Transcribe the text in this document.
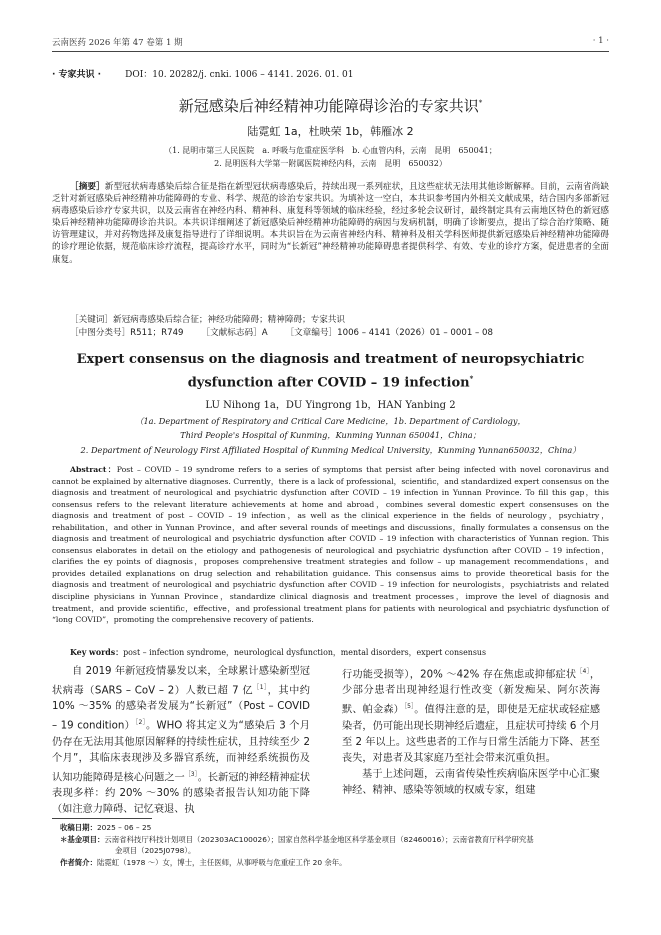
云南医药 2026 年第 47 卷第 1 期	· 1 ·
· 专家共识 ·	DOI：10. 20282/j. cnki. 1006 – 4141. 2026. 01. 01
新冠感染后神经精神功能障碍诊治的专家共识*
陆霓虹 1a，杜映荣 1b，韩雁冰 2
（1. 昆明市第三人民医院　a. 呼吸与危重症医学科　b. 心血管内科，云南　昆明　650041；
2. 昆明医科大学第一附属医院神经内科，云南　昆明　650032）
［摘要］新型冠状病毒感染后综合征是指在新型冠状病毒感染后，持续出现一系列症状，且这些症状无法用其他诊断解释。目前，云南省尚缺乏针对新冠感染后神经精神功能障碍的专业、科学、规范的诊治专家共识。为填补这一空白，本共识参考国内外相关文献成果，结合国内多部新冠病毒感染后诊疗专家共识，以及云南省在神经内科、精神科、康复科等领域的临床经验，经过多轮会议研讨，最终制定具有云南地区特色的新冠感染后神经精神功能障碍诊治共识。本共识详细阐述了新冠感染后神经精神功能障碍的病因与发病机制，明确了诊断要点，提出了综合治疗策略、随访管理建议，并对药物选择及康复指导进行了详细说明。本共识旨在为云南省神经内科、精神科及相关学科医师提供新冠感染后神经精神功能障碍的诊疗理论依据，规范临床诊疗流程，提高诊疗水平，同时为“长新冠”神经精神功能障碍患者提供科学、有效、专业的诊疗方案，促进患者的全面康复。
［关键词］新冠病毒感染后综合征；神经功能障碍；精神障碍；专家共识
［中图分类号］R511；R749 ［文献标志码］A ［文章编号］1006 – 4141（2026）01 – 0001 – 08
Expert consensus on the diagnosis and treatment of neuropsychiatric
dysfunction after COVID – 19 infection*
LU Nihong 1a，DU Yingrong 1b，HAN Yanbing 2
（1a. Department of Respiratory and Critical Care Medicine，1b. Department of Cardiology，
Third People's Hospital of Kunming，Kunming Yunnan 650041，China；
2. Department of Neurology First Affiliated Hospital of Kunming Medical University，Kunming Yunnan650032，China）
Abstract：Post – COVID – 19 syndrome refers to a series of symptoms that persist after being infected with novel coronavirus and cannot be explained by alternative diagnoses. Currently，there is a lack of professional，scientific，and standardized expert consensus on the diagnosis and treatment of neurological and psychiatric dysfunction after COVID – 19 infection in Yunnan Province. To fill this gap，this consensus refers to the relevant literature achievements at home and abroad，combines several domestic expert consensuses on the diagnosis and treatment of post – COVID – 19 infection，as well as the clinical experience in the fields of neurology，psychiatry，rehabilitation，and other in Yunnan Province，and after several rounds of meetings and discussions，finally formulates a consensus on the diagnosis and treatment of neurological and psychiatric dysfunction after COVID – 19 infection with characteristics of Yunnan region. This consensus elaborates in detail on the etiology and pathogenesis of neurological and psychiatric dysfunction after COVID – 19 infection，clarifies the ey points of diagnosis，proposes comprehensive treatment strategies and follow – up management recommendations，and provides detailed explanations on drug selection and rehabilitation guidance. This consensus aims to provide theoretical basis for the diagnosis and treatment of neurological and psychiatric dysfunction after COVID – 19 infection for neurologists，psychiatrists and related discipline physicians in Yunnan Province，standardize clinical diagnosis and treatment processes，improve the level of diagnosis and treatment，and provide scientific，effective，and professional treatment plans for patients with neurological and psychiatric dysfunction of “long COVID”，promoting the comprehensive recovery of patients.
Key words：post – infection syndrome，neurological dysfunction，mental disorders，expert consensus

自 2019 年新冠疫情暴发以来，全球累计感染新型冠状病毒（SARS – CoV – 2）人数已超 7 亿$^{[1]}$，其中约 10% ～35% 的感染者发展为“长新冠”（Post – COVID – 19 condition）$^{[2]}$。WHO 将其定义为“感染后 3 个月仍存在无法用其他原因解释的持续性症状，且持续至少 2 个月”，其临床表现涉及多器官系统，而神经系统损伤及认知功能障碍是核心问题之一$^{[3]}$。长新冠的神经精神症状表现多样：约 20% ～30% 的感染者报告认知功能下降（如注意力障碍、记忆衰退、执

行功能受损等），20% ～42% 存在焦虑或抑郁症状$^{[4]}$，少部分患者出现神经退行性改变（新发痴呆、阿尔茨海默、帕金森）$^{[5]}$。值得注意的是，即使是无症状或轻症感染者，仍可能出现长期神经后遗症，且症状可持续 6 个月至 2 年以上。这些患者的工作与日常生活能力下降、甚至丧失，对患者及其家庭乃至社会带来沉重负担。

基于上述问题，云南省传染性疾病临床医学中心汇聚神经、精神、感染等领域的权威专家，组建

收稿日期： 2025 – 06 – 25
＊基金项目： 云南省科技厅科技计划项目（202303AC100026）；国家自然科学基金地区科学基金项目（82460016）；云南省教育厅科学研究基
金项目（2025J0798）。
作者简介： 陆霓虹（1978 ～）女，博士，主任医师，从事呼吸与危重症工作 20 余年。
